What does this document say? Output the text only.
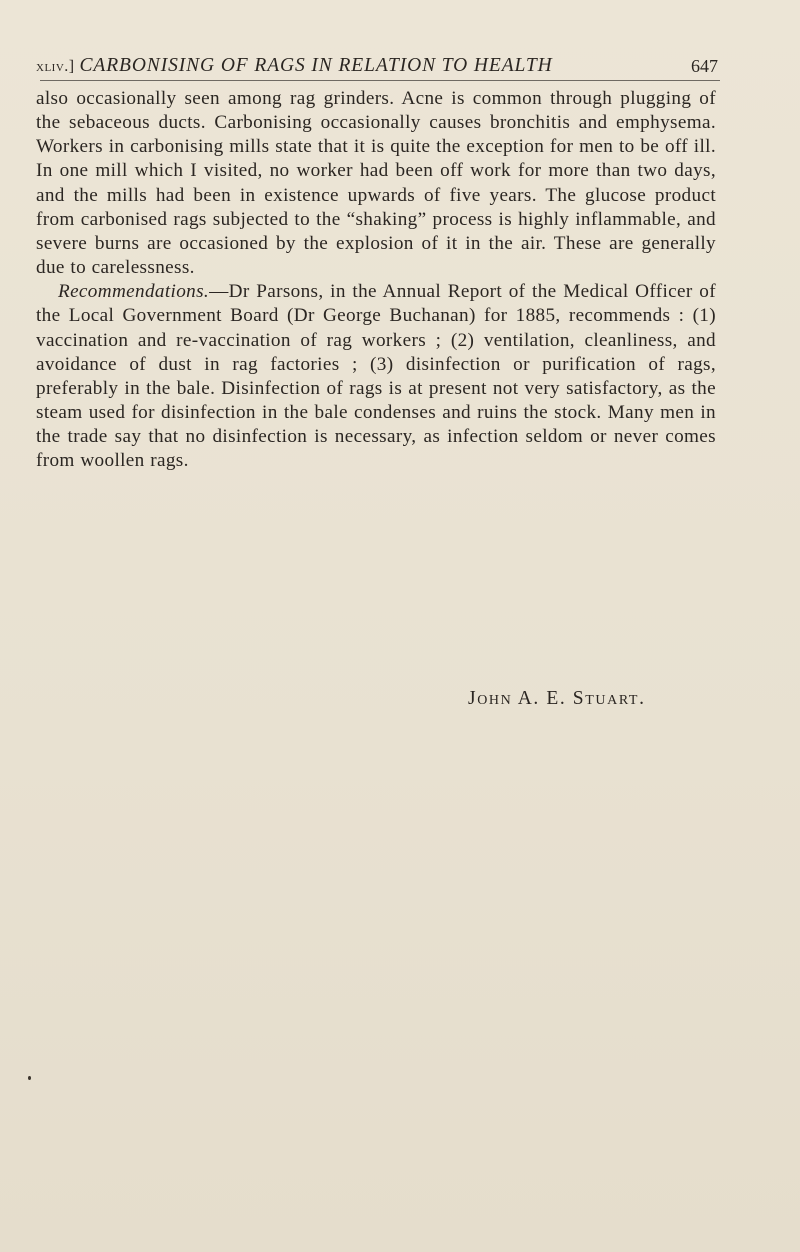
xliv.] CARBONISING OF RAGS IN RELATION TO HEALTH	647

also occasionally seen among rag grinders. Acne is common through plugging of the sebaceous ducts. Carbonising occasionally causes bronchitis and emphysema. Workers in carbonising mills state that it is quite the exception for men to be off ill. In one mill which I visited, no worker had been off work for more than two days, and the mills had been in existence upwards of five years. The glucose product from carbonised rags subjected to the “shaking” process is highly inflammable, and severe burns are occasioned by the explosion of it in the air. These are generally due to carelessness.

Recommendations.—Dr Parsons, in the Annual Report of the Medical Officer of the Local Government Board (Dr George Buchanan) for 1885, recommends : (1) vaccination and re-vaccination of rag workers ; (2) ventilation, cleanliness, and avoidance of dust in rag factories ; (3) disinfection or purification of rags, preferably in the bale. Disinfection of rags is at present not very satisfactory, as the steam used for disinfection in the bale condenses and ruins the stock. Many men in the trade say that no disinfection is necessary, as infection seldom or never comes from woollen rags.

John A. E. Stuart.
